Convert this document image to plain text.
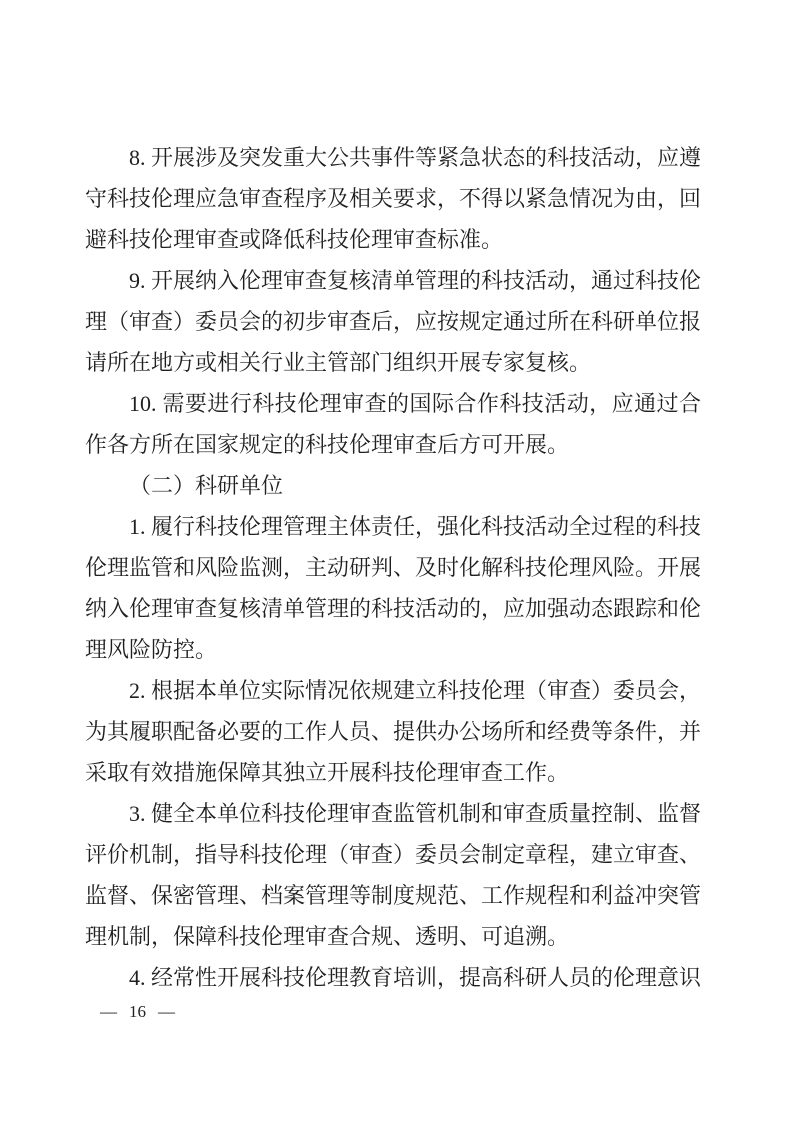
8. 开展涉及突发重大公共事件等紧急状态的科技活动，应遵守科技伦理应急审查程序及相关要求，不得以紧急情况为由，回避科技伦理审查或降低科技伦理审查标准。

9. 开展纳入伦理审查复核清单管理的科技活动，通过科技伦理（审查）委员会的初步审查后，应按规定通过所在科研单位报请所在地方或相关行业主管部门组织开展专家复核。

10. 需要进行科技伦理审查的国际合作科技活动，应通过合作各方所在国家规定的科技伦理审查后方可开展。

（二）科研单位

1. 履行科技伦理管理主体责任，强化科技活动全过程的科技伦理监管和风险监测，主动研判、及时化解科技伦理风险。开展纳入伦理审查复核清单管理的科技活动的，应加强动态跟踪和伦理风险防控。

2. 根据本单位实际情况依规建立科技伦理（审查）委员会，为其履职配备必要的工作人员、提供办公场所和经费等条件，并采取有效措施保障其独立开展科技伦理审查工作。

3. 健全本单位科技伦理审查监管机制和审查质量控制、监督评价机制，指导科技伦理（审查）委员会制定章程，建立审查、监督、保密管理、档案管理等制度规范、工作规程和利益冲突管理机制，保障科技伦理审查合规、透明、可追溯。

4. 经常性开展科技伦理教育培训，提高科研人员的伦理意识

— 16 —
